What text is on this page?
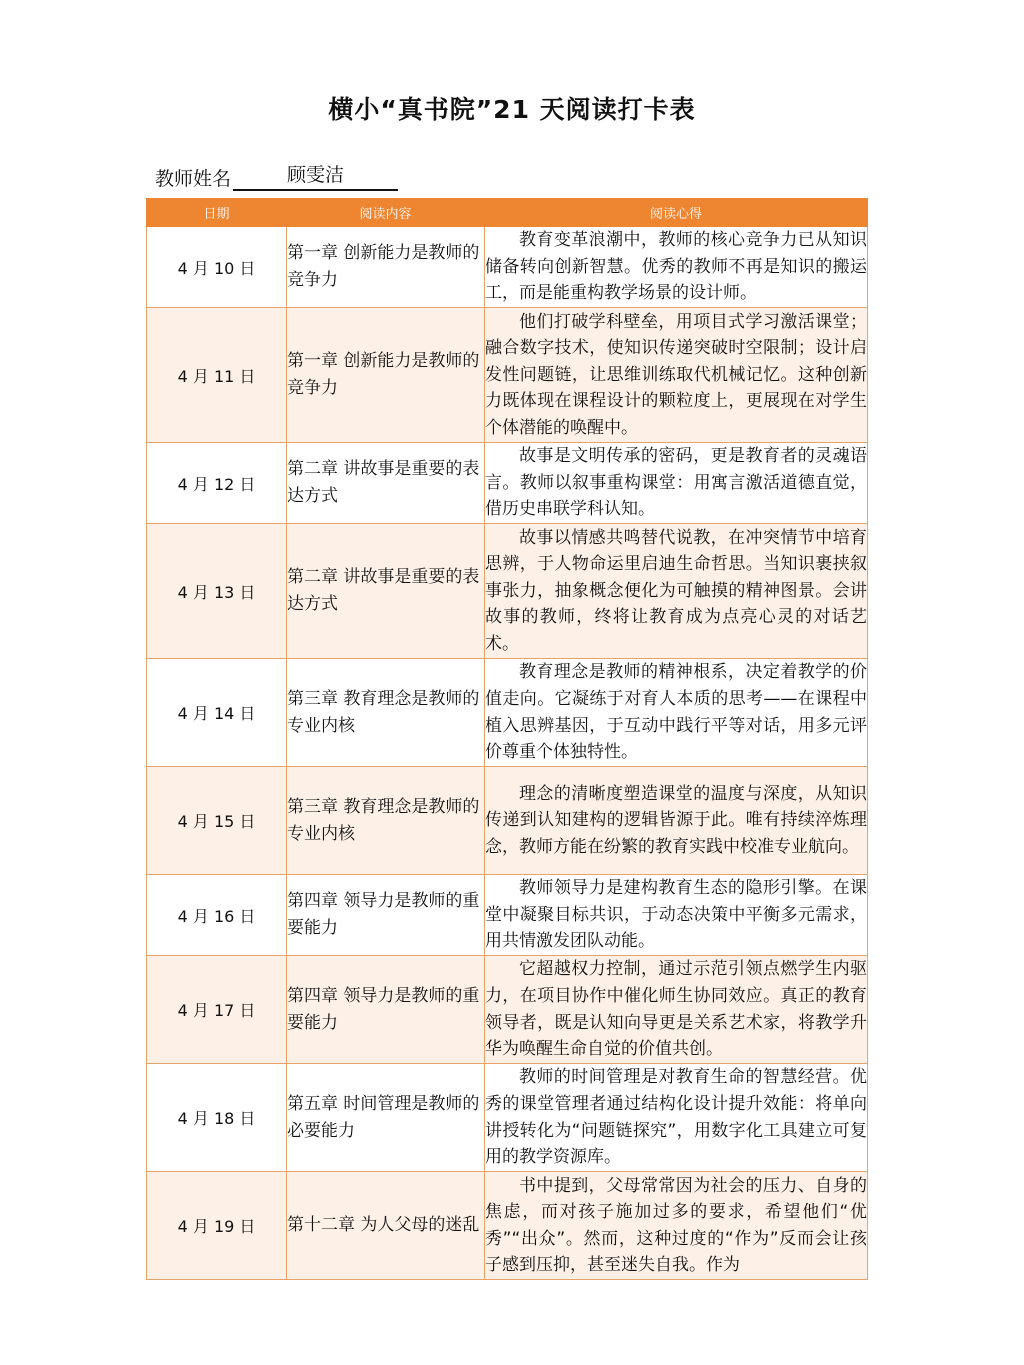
横小“真书院”21 天阅读打卡表
教师姓名	顾雯洁
日期	阅读内容	阅读心得
4 月 10 日	第一章 创新能力是教师的竞争力	教育变革浪潮中，教师的核心竞争力已从知识储备转向创新智慧。优秀的教师不再是知识的搬运工，而是能重构教学场景的设计师。
4 月 11 日	第一章 创新能力是教师的竞争力	他们打破学科壁垒，用项目式学习激活课堂；融合数字技术，使知识传递突破时空限制；设计启发性问题链，让思维训练取代机械记忆。这种创新力既体现在课程设计的颗粒度上，更展现在对学生个体潜能的唤醒中。
4 月 12 日	第二章 讲故事是重要的表达方式	故事是文明传承的密码，更是教育者的灵魂语言。教师以叙事重构课堂：用寓言激活道德直觉，借历史串联学科认知。
4 月 13 日	第二章 讲故事是重要的表达方式	故事以情感共鸣替代说教，在冲突情节中培育思辨，于人物命运里启迪生命哲思。当知识裹挟叙事张力，抽象概念便化为可触摸的精神图景。会讲故事的教师，终将让教育成为点亮心灵的对话艺术。
4 月 14 日	第三章 教育理念是教师的专业内核	教育理念是教师的精神根系，决定着教学的价值走向。它凝练于对育人本质的思考——在课程中植入思辨基因，于互动中践行平等对话，用多元评价尊重个体独特性。
4 月 15 日	第三章 教育理念是教师的专业内核	理念的清晰度塑造课堂的温度与深度，从知识传递到认知建构的逻辑皆源于此。唯有持续淬炼理念，教师方能在纷繁的教育实践中校准专业航向。
4 月 16 日	第四章 领导力是教师的重要能力	教师领导力是建构教育生态的隐形引擎。在课堂中凝聚目标共识，于动态决策中平衡多元需求，用共情激发团队动能。
4 月 17 日	第四章 领导力是教师的重要能力	它超越权力控制，通过示范引领点燃学生内驱力，在项目协作中催化师生协同效应。真正的教育领导者，既是认知向导更是关系艺术家，将教学升华为唤醒生命自觉的价值共创。
4 月 18 日	第五章 时间管理是教师的必要能力	教师的时间管理是对教育生命的智慧经营。优秀的课堂管理者通过结构化设计提升效能：将单向讲授转化为“问题链探究”，用数字化工具建立可复用的教学资源库。
4 月 19 日	第十二章 为人父母的迷乱	书中提到，父母常常因为社会的压力、自身的焦虑，而对孩子施加过多的要求，希望他们“优秀”“出众”。然而，这种过度的“作为”反而会让孩子感到压抑，甚至迷失自我。作为
